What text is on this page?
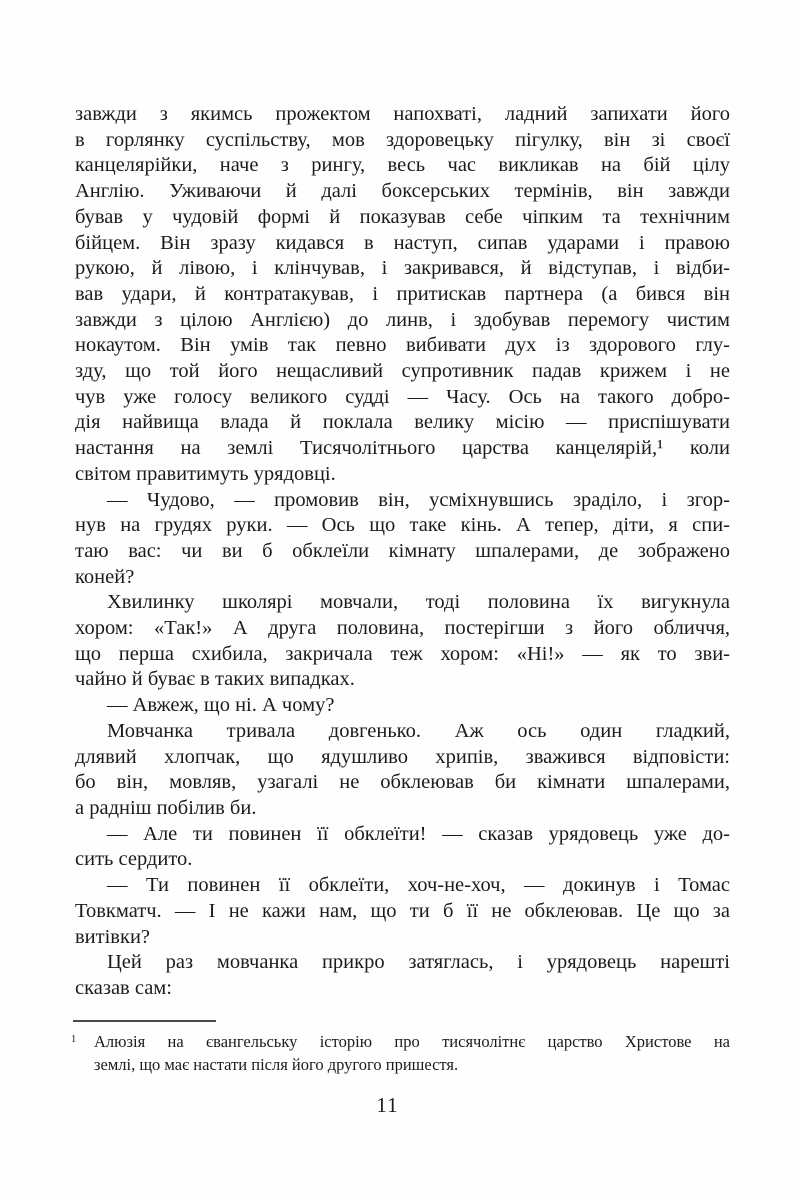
завжди з якимсь прожектом напохваті, ладний запихати його
в горлянку суспільству, мов здоровецьку пігулку, він зі своєї
канцелярійки, наче з рингу, весь час викликав на бій цілу
Англію. Уживаючи й далі боксерських термінів, він завжди
бував у чудовій формі й показував себе чіпким та технічним
бійцем. Він зразу кидався в наступ, сипав ударами і правою
рукою, й лівою, і клінчував, і закривався, й відступав, і відби-
вав удари, й контратакував, і притискав партнера (а бився він
завжди з цілою Англією) до линв, і здобував перемогу чистим
нокаутом. Він умів так певно вибивати дух із здорового глу-
зду, що той його нещасливий супротивник падав крижем і не
чув уже голосу великого судді — Часу. Ось на такого добро-
дія найвища влада й поклала велику місію — приспішувати
настання на землі Тисячолітнього царства канцелярій,¹ коли
світом правитимуть урядовці.
— Чудово, — промовив він, усміхнувшись зраділо, і згор-
нув на грудях руки. — Ось що таке кінь. А тепер, діти, я спи-
таю вас: чи ви б обклеїли кімнату шпалерами, де зображено
коней?
Хвилинку школярі мовчали, тоді половина їх вигукнула
хором: «Так!» А друга половина, постерігши з його обличчя,
що перша схибила, закричала теж хором: «Ні!» — як то зви-
чайно й буває в таких випадках.
— Авжеж, що ні. А чому?
Мовчанка тривала довгенько. Аж ось один гладкий,
длявий хлопчак, що ядушливо хрипів, зважився відповісти:
бо він, мовляв, узагалі не обклеював би кімнати шпалерами,
а радніш побілив би.
— Але ти повинен її обклеїти! — сказав урядовець уже до-
сить сердито.
— Ти повинен її обклеїти, хоч-не-хоч, — докинув і Томас
Товкматч. — І не кажи нам, що ти б її не обклеював. Це що за
витівки?
Цей раз мовчанка прикро затяглась, і урядовець нарешті
сказав сам:
1 Алюзія на євангельську історію про тисячолітнє царство Христове на
землі, що має настати після його другого пришестя.
11
